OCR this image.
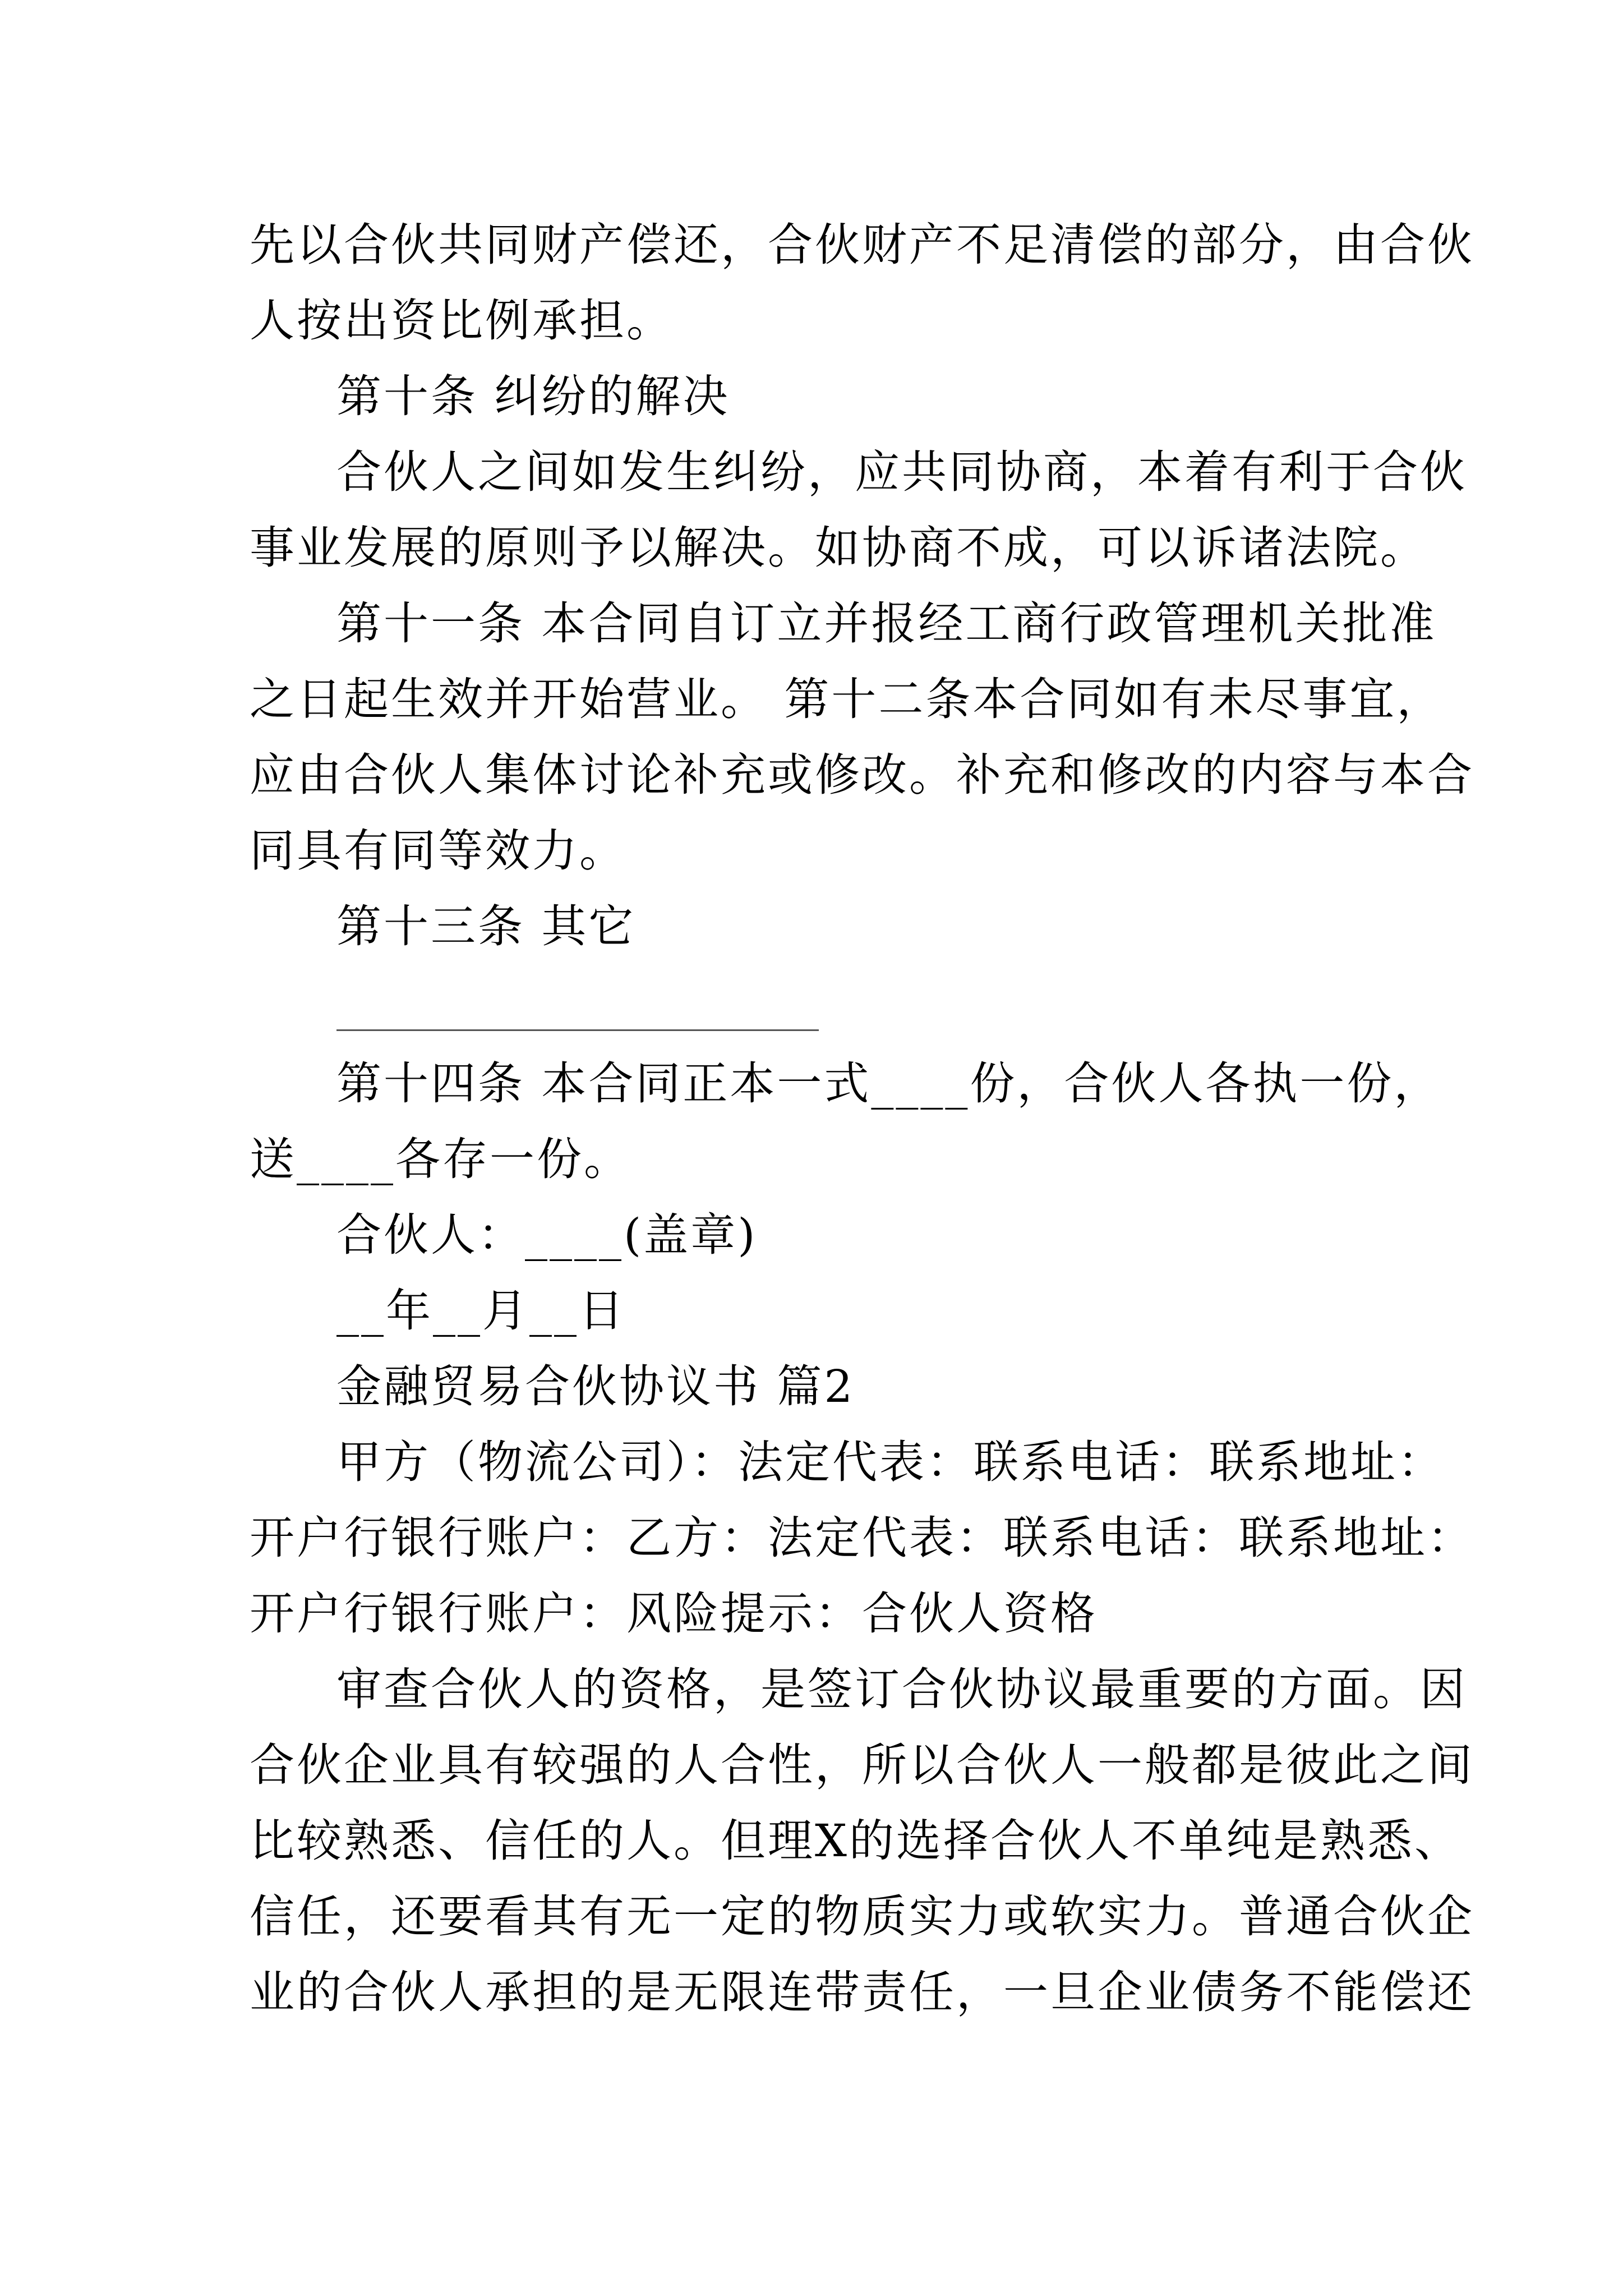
先以合伙共同财产偿还，合伙财产不足清偿的部分，由合伙
人按出资比例承担。
第十条 纠纷的解决
合伙人之间如发生纠纷，应共同协商，本着有利于合伙
事业发展的原则予以解决。如协商不成，可以诉诸法院。
第十一条 本合同自订立并报经工商行政管理机关批准
之日起生效并开始营业。 第十二条本合同如有未尽事宜，
应由合伙人集体讨论补充或修改。补充和修改的内容与本合
同具有同等效力。
第十三条 其它
第十四条 本合同正本一式____份，合伙人各执一份，
送____各存一份。
合伙人：____(盖章)
__年__月__日
金融贸易合伙协议书 篇2
甲方（物流公司）：法定代表：联系电话：联系地址：
开户行银行账户：乙方：法定代表：联系电话：联系地址：
开户行银行账户：风险提示：合伙人资格
审查合伙人的资格，是签订合伙协议最重要的方面。因
合伙企业具有较强的人合性，所以合伙人一般都是彼此之间
比较熟悉、信任的人。但理X的选择合伙人不单纯是熟悉、
信任，还要看其有无一定的物质实力或软实力。普通合伙企
业的合伙人承担的是无限连带责任，一旦企业债务不能偿还
